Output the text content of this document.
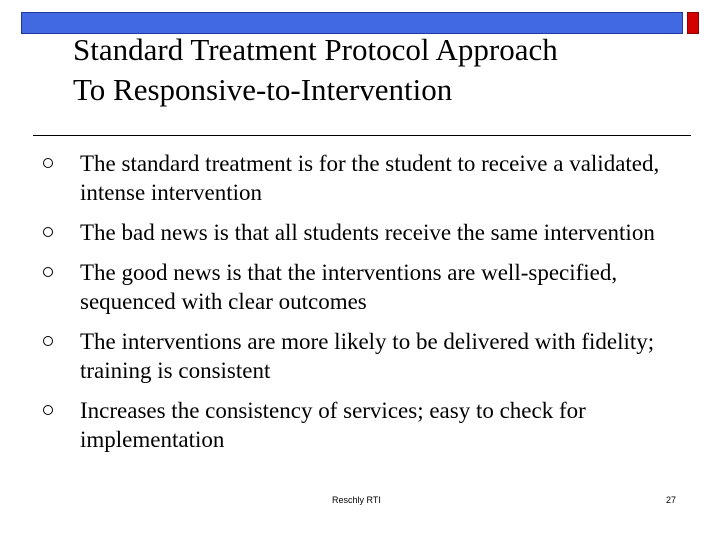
Standard Treatment Protocol Approach
To Responsive-to-Intervention
The standard treatment is for the student to receive a validated, intense intervention
The bad news is that all students receive the same intervention
The good news is that the interventions are well-specified, sequenced with clear outcomes
The interventions are more likely to be delivered with fidelity; training is consistent
Increases the consistency of services; easy to check for implementation
Reschly RTI	27
